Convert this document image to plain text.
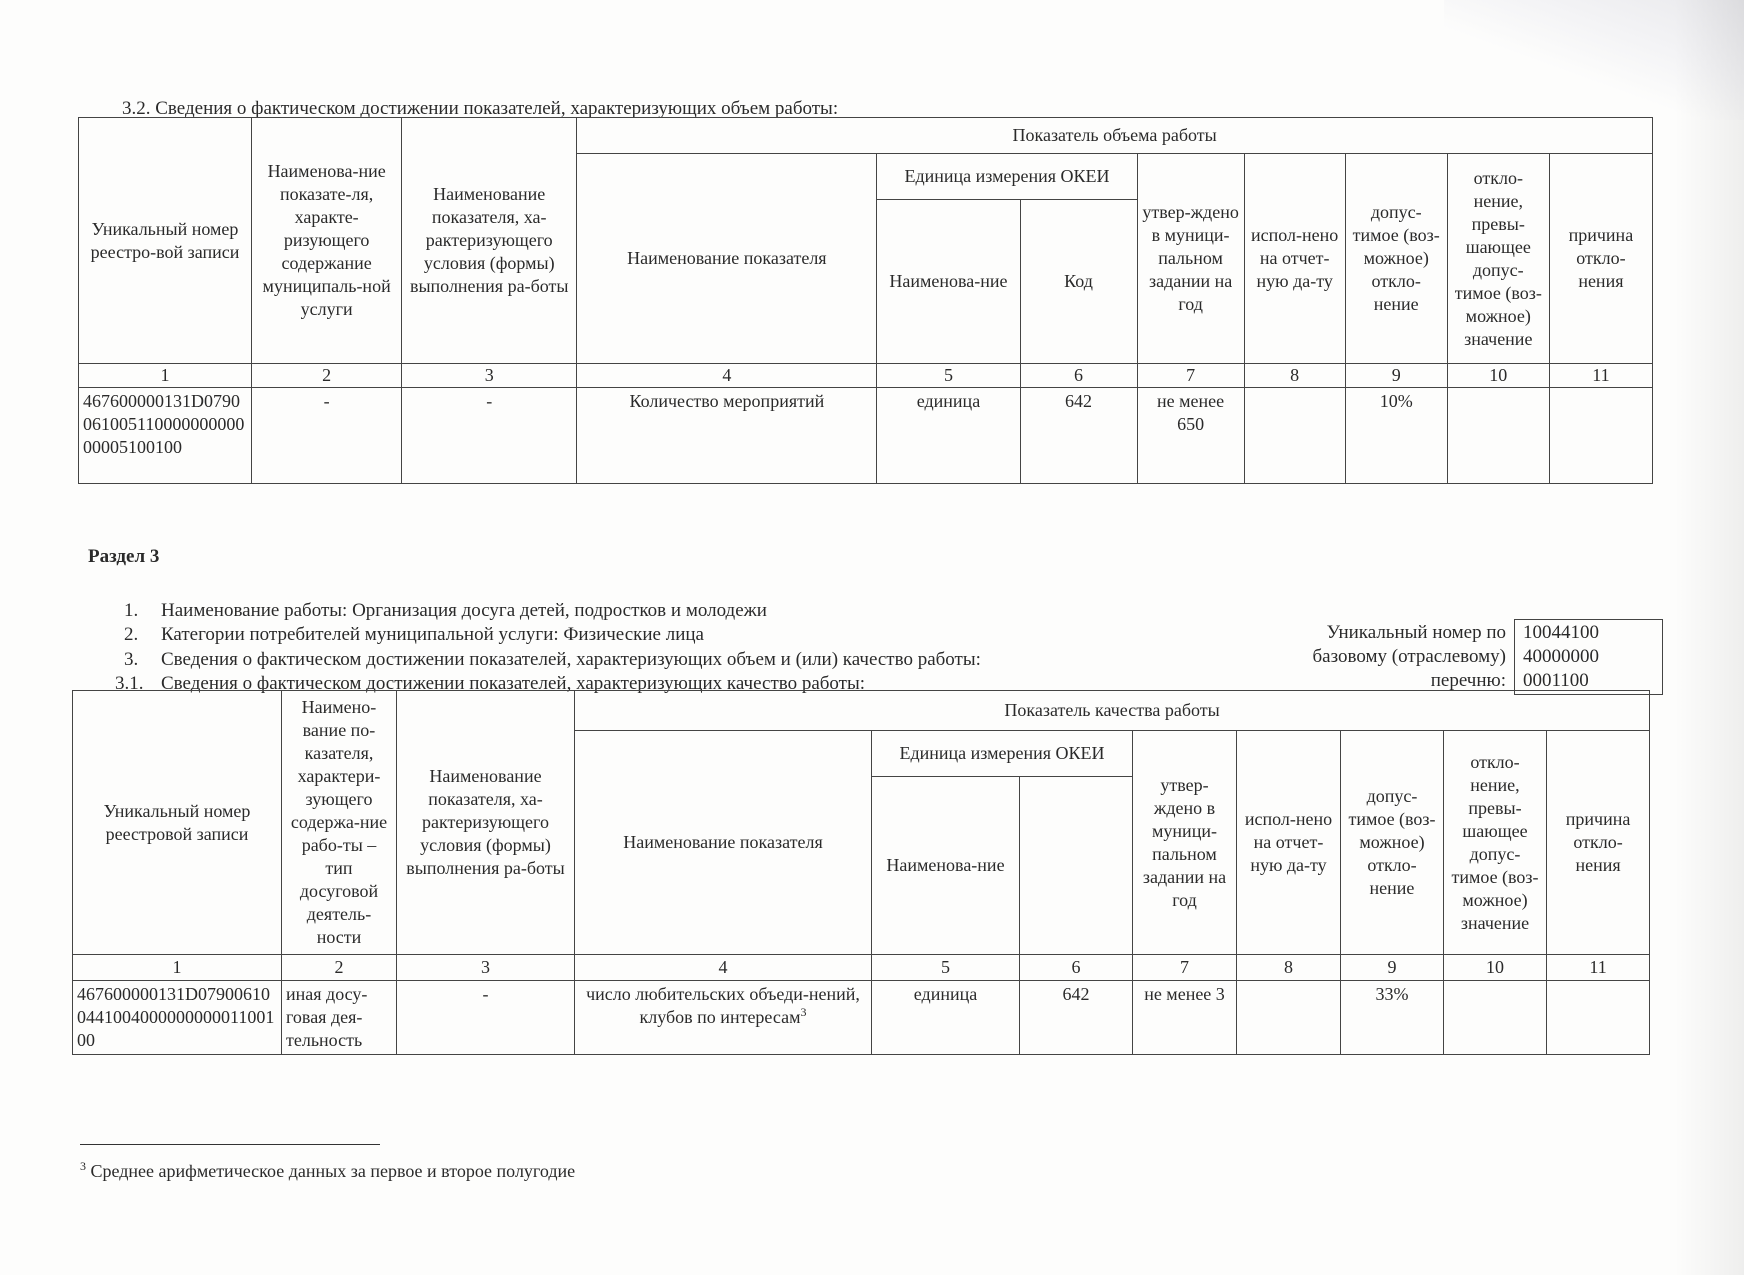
3.2. Сведения о фактическом достижении показателей, характеризующих объем работы:
Уникальный номер реестро-вой записи	Наименова-ние показате-ля, характе-ризующего содержание муниципаль-ной услуги	Наименование показателя, ха-рактеризующего условия (формы) выполнения ра-боты	Показатель объема работы							
			Наименование показателя	Единица измерения ОКЕИ		утвер-ждено в муници-пальном задании на год	испол-нено на отчет-ную да-ту	допус-тимое (воз-можное) откло-нение	откло-нение, превы-шающее допус-тимое (воз-можное) значение	причина откло-нения
				Наименова-ние	Код					
1	2	3	4	5	6	7	8	9	10	11
467600000131D079006100511000000000000005100100	-	-	Количество мероприятий	единица	642	не менее 650		10%		
Раздел 3
1. Наименование работы: Организация досуга детей, подростков и молодежи
2. Категории потребителей муниципальной услуги: Физические лица
3. Сведения о фактическом достижении показателей, характеризующих объем и (или) качество работы:
3.1. Сведения о фактическом достижении показателей, характеризующих качество работы:
Уникальный номер по
базовому (отраслевому)
перечню:
10044100
40000000
0001100
Уникальный номер реестровой записи	Наимено-вание по-казателя, характери-зующего содержа-ние рабо-ты – тип досуговой деятель-ности	Наименование показателя, ха-рактеризующего условия (формы) выполнения ра-боты	Показатель качества работы							
			Наименование показателя	Единица измерения ОКЕИ		утвер-ждено в муници-пальном задании на год	испол-нено на отчет-ную да-ту	допус-тимое (воз-можное) откло-нение	откло-нение, превы-шающее допус-тимое (воз-можное) значение	причина откло-нения
				Наименова-ние						
1	2	3	4	5	6	7	8	9	10	11
467600000131D07900610044100400000000001100100	иная досу-говая дея-тельность	-	число любительских объеди-нений, клубов по интересам$^3$	единица	642	не менее 3		33%		
$^3$ Среднее арифметическое данных за первое и второе полугодие
